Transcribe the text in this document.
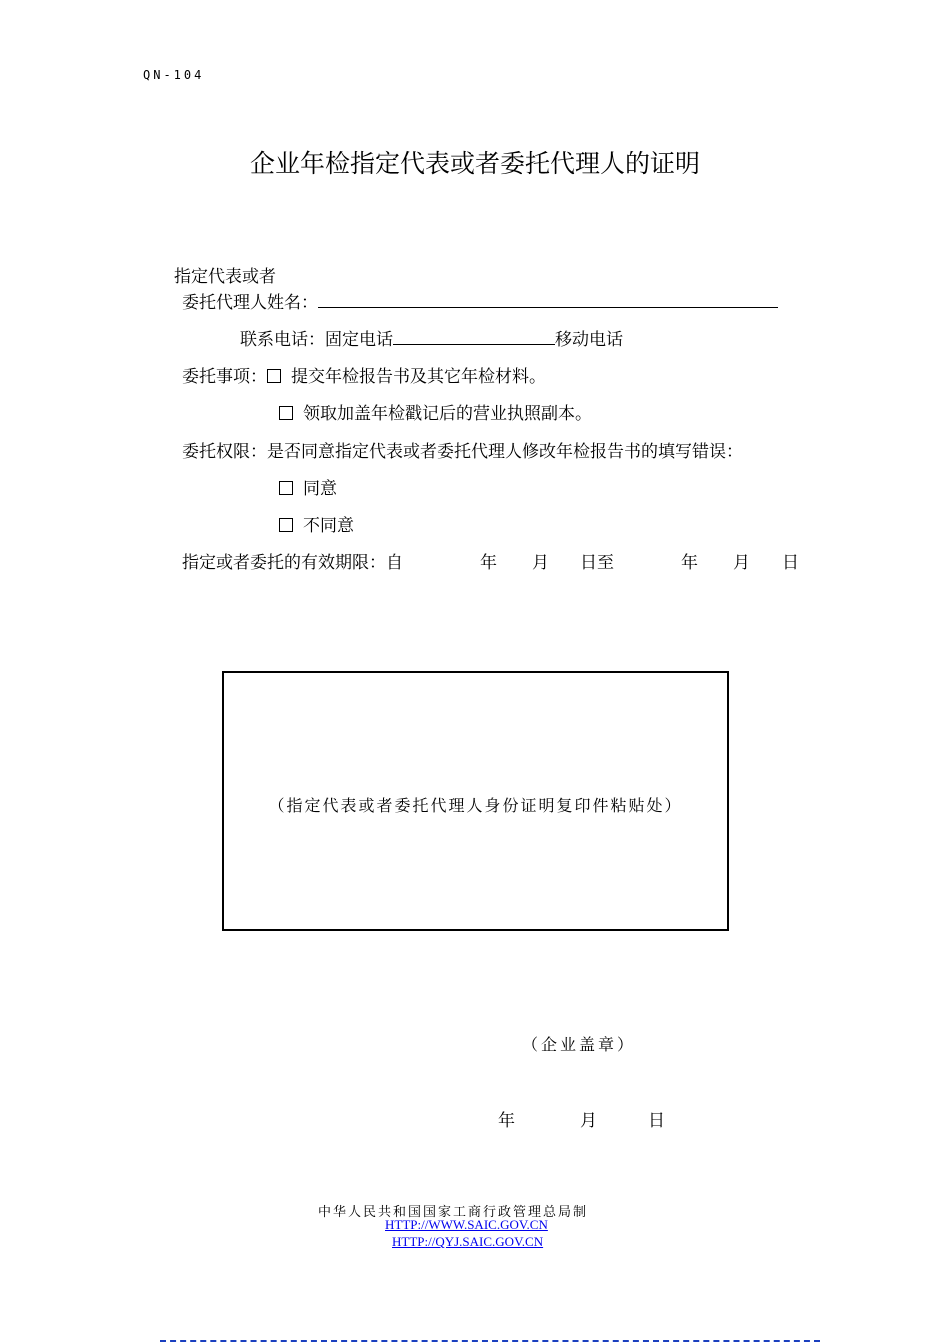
QN-104
企业年检指定代表或者委托代理人的证明
指定代表或者
委托代理人姓名：
联系电话：固定电话	移动电话
委托事项： 提交年检报告书及其它年检材料。
领取加盖年检戳记后的营业执照副本。
委托权限：是否同意指定代表或者委托代理人修改年检报告书的填写错误：
同意
不同意
指定或者委托的有效期限：自	年 月 日至	年 月 日
（指定代表或者委托代理人身份证明复印件粘贴处）
（企业盖章）
年	月	日
中华人民共和国国家工商行政管理总局制
HTTP://WWW.SAIC.GOV.CN
HTTP://QYJ.SAIC.GOV.CN
